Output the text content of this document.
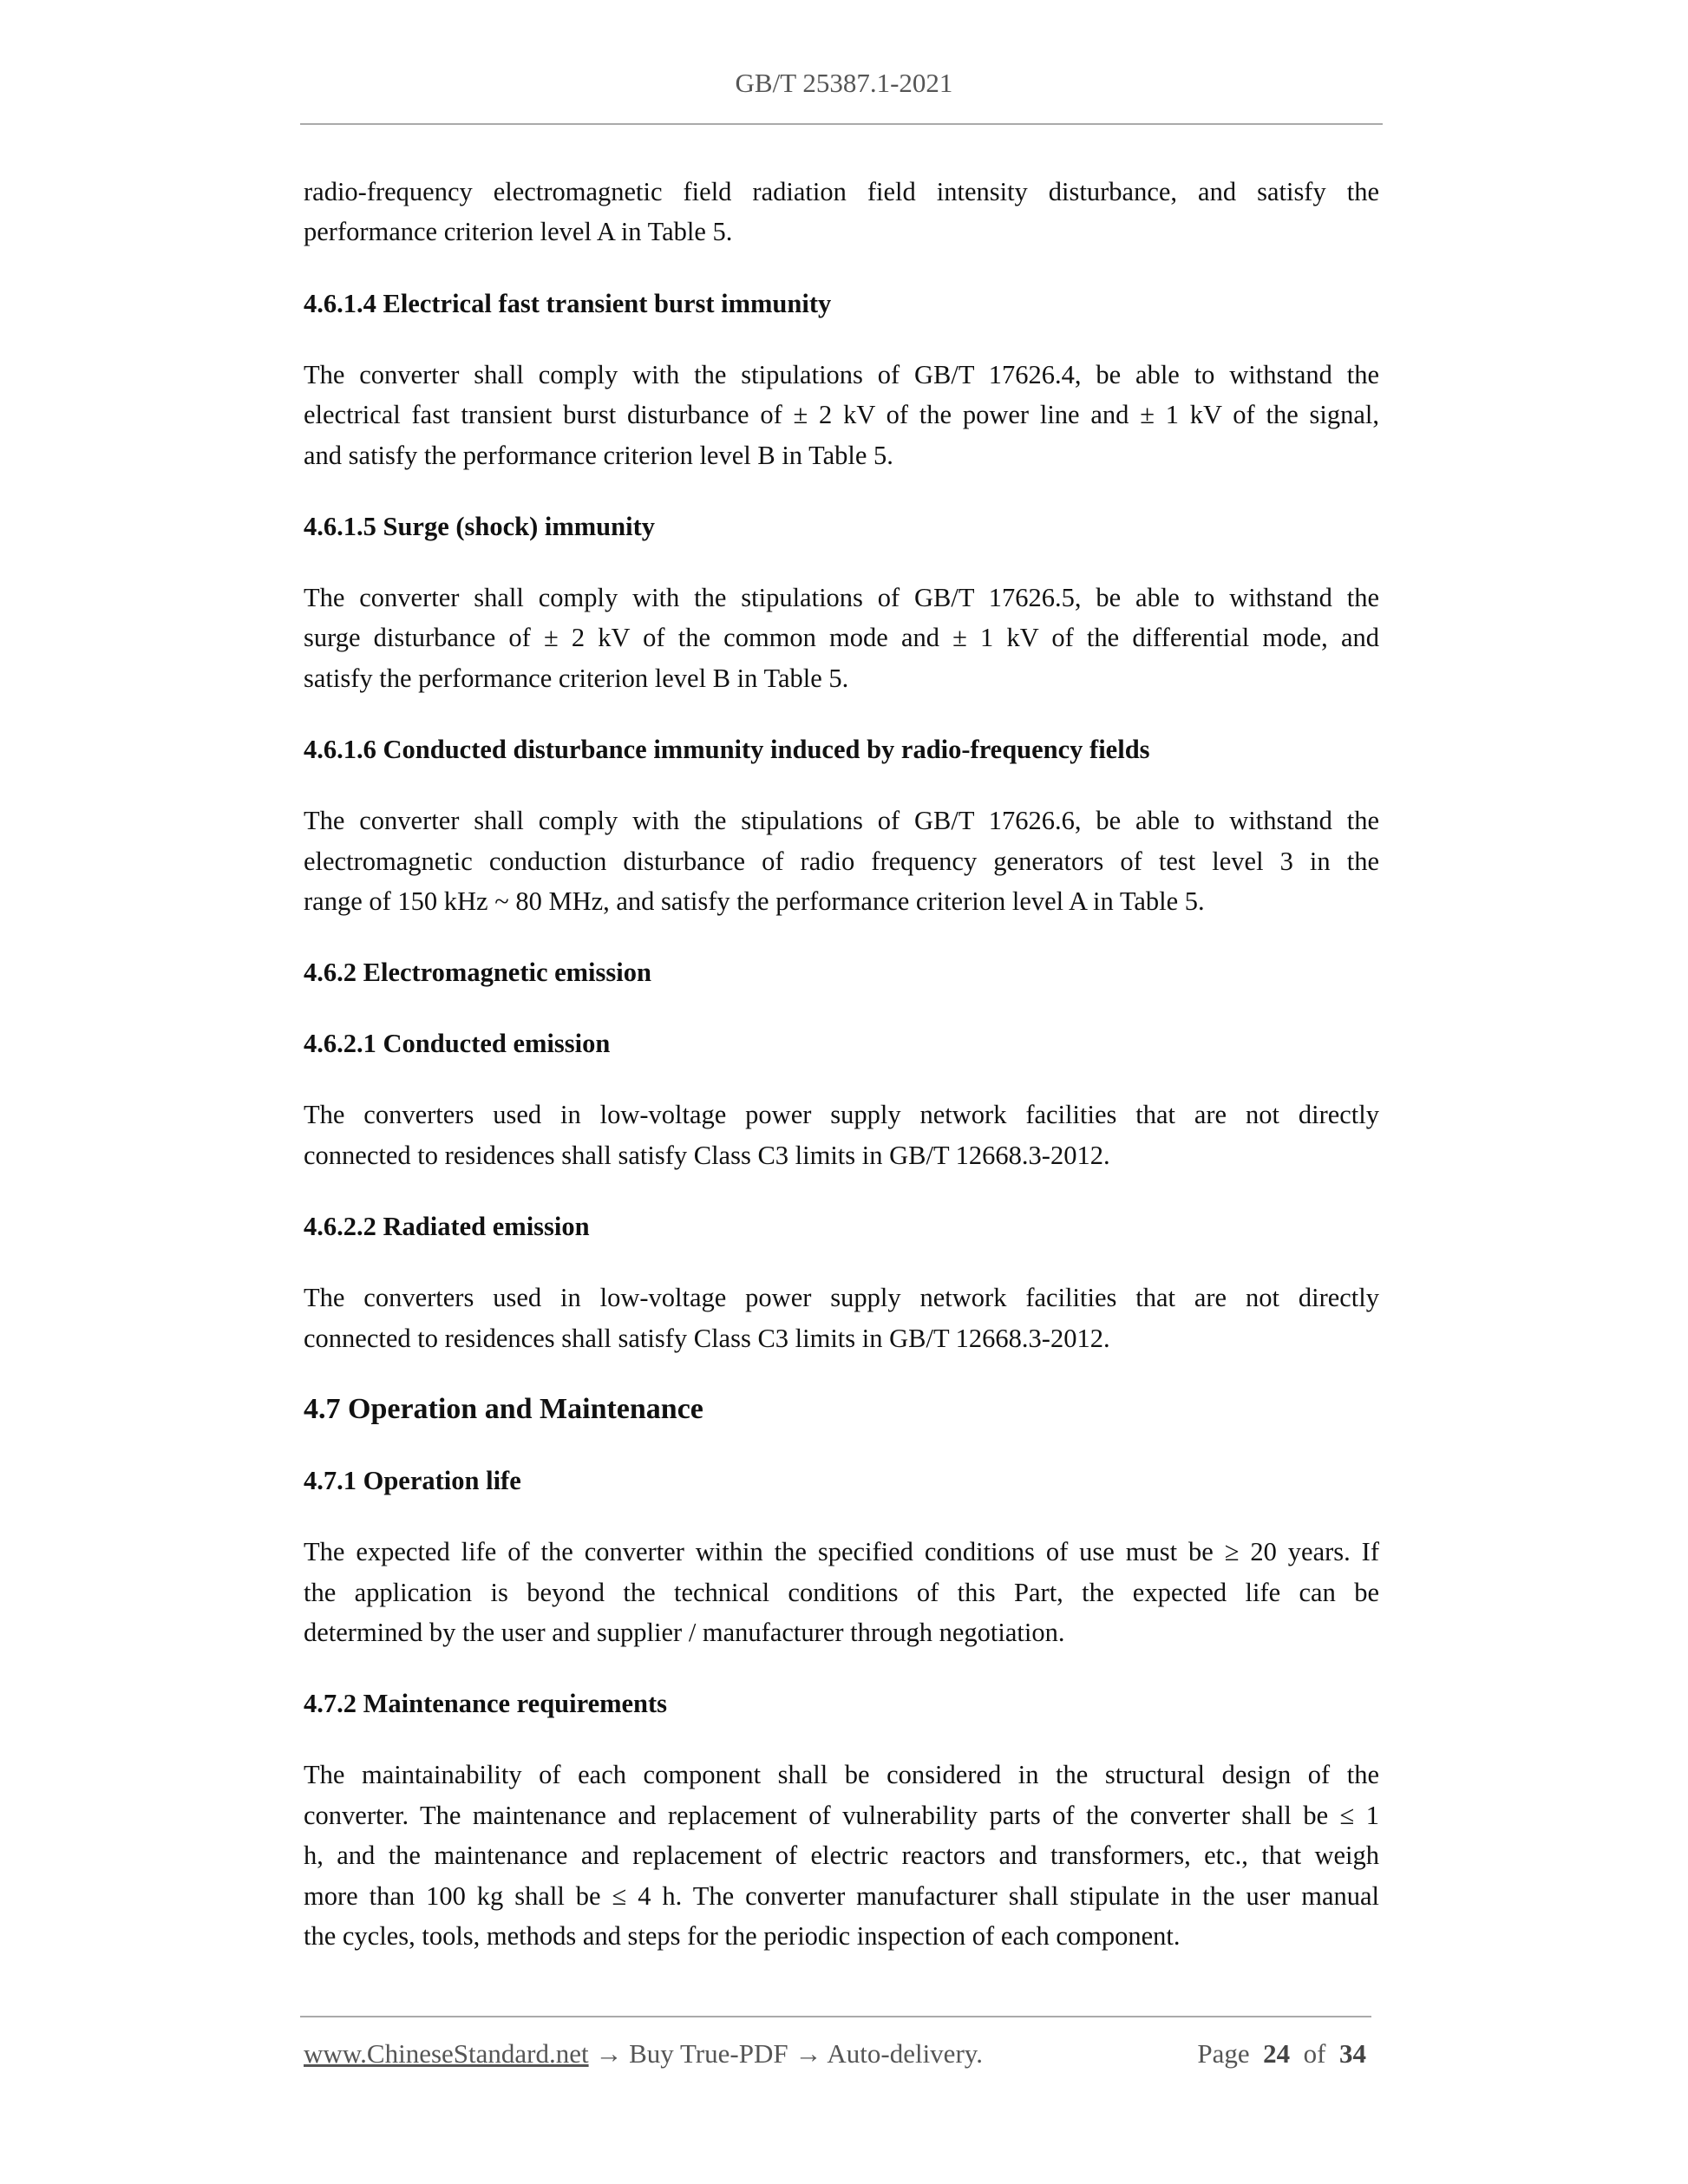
GB/T 25387.1-2021
radio-frequency electromagnetic field radiation field intensity disturbance, and satisfy the
performance criterion level A in Table 5.
4.6.1.4 Electrical fast transient burst immunity
The converter shall comply with the stipulations of GB/T 17626.4, be able to withstand the
electrical fast transient burst disturbance of ± 2 kV of the power line and ± 1 kV of the signal,
and satisfy the performance criterion level B in Table 5.
4.6.1.5 Surge (shock) immunity
The converter shall comply with the stipulations of GB/T 17626.5, be able to withstand the
surge disturbance of ± 2 kV of the common mode and ± 1 kV of the differential mode, and
satisfy the performance criterion level B in Table 5.
4.6.1.6 Conducted disturbance immunity induced by radio-frequency fields
The converter shall comply with the stipulations of GB/T 17626.6, be able to withstand the
electromagnetic conduction disturbance of radio frequency generators of test level 3 in the
range of 150 kHz ~ 80 MHz, and satisfy the performance criterion level A in Table 5.
4.6.2 Electromagnetic emission
4.6.2.1 Conducted emission
The converters used in low-voltage power supply network facilities that are not directly
connected to residences shall satisfy Class C3 limits in GB/T 12668.3-2012.
4.6.2.2 Radiated emission
The converters used in low-voltage power supply network facilities that are not directly
connected to residences shall satisfy Class C3 limits in GB/T 12668.3-2012.
4.7 Operation and Maintenance
4.7.1 Operation life
The expected life of the converter within the specified conditions of use must be ≥ 20 years. If
the application is beyond the technical conditions of this Part, the expected life can be
determined by the user and supplier / manufacturer through negotiation.
4.7.2 Maintenance requirements
The maintainability of each component shall be considered in the structural design of the
converter. The maintenance and replacement of vulnerability parts of the converter shall be ≤ 1
h, and the maintenance and replacement of electric reactors and transformers, etc., that weigh
more than 100 kg shall be ≤ 4 h. The converter manufacturer shall stipulate in the user manual
the cycles, tools, methods and steps for the periodic inspection of each component.
www.ChineseStandard.net → Buy True-PDF → Auto-delivery.	Page 24 of 34
